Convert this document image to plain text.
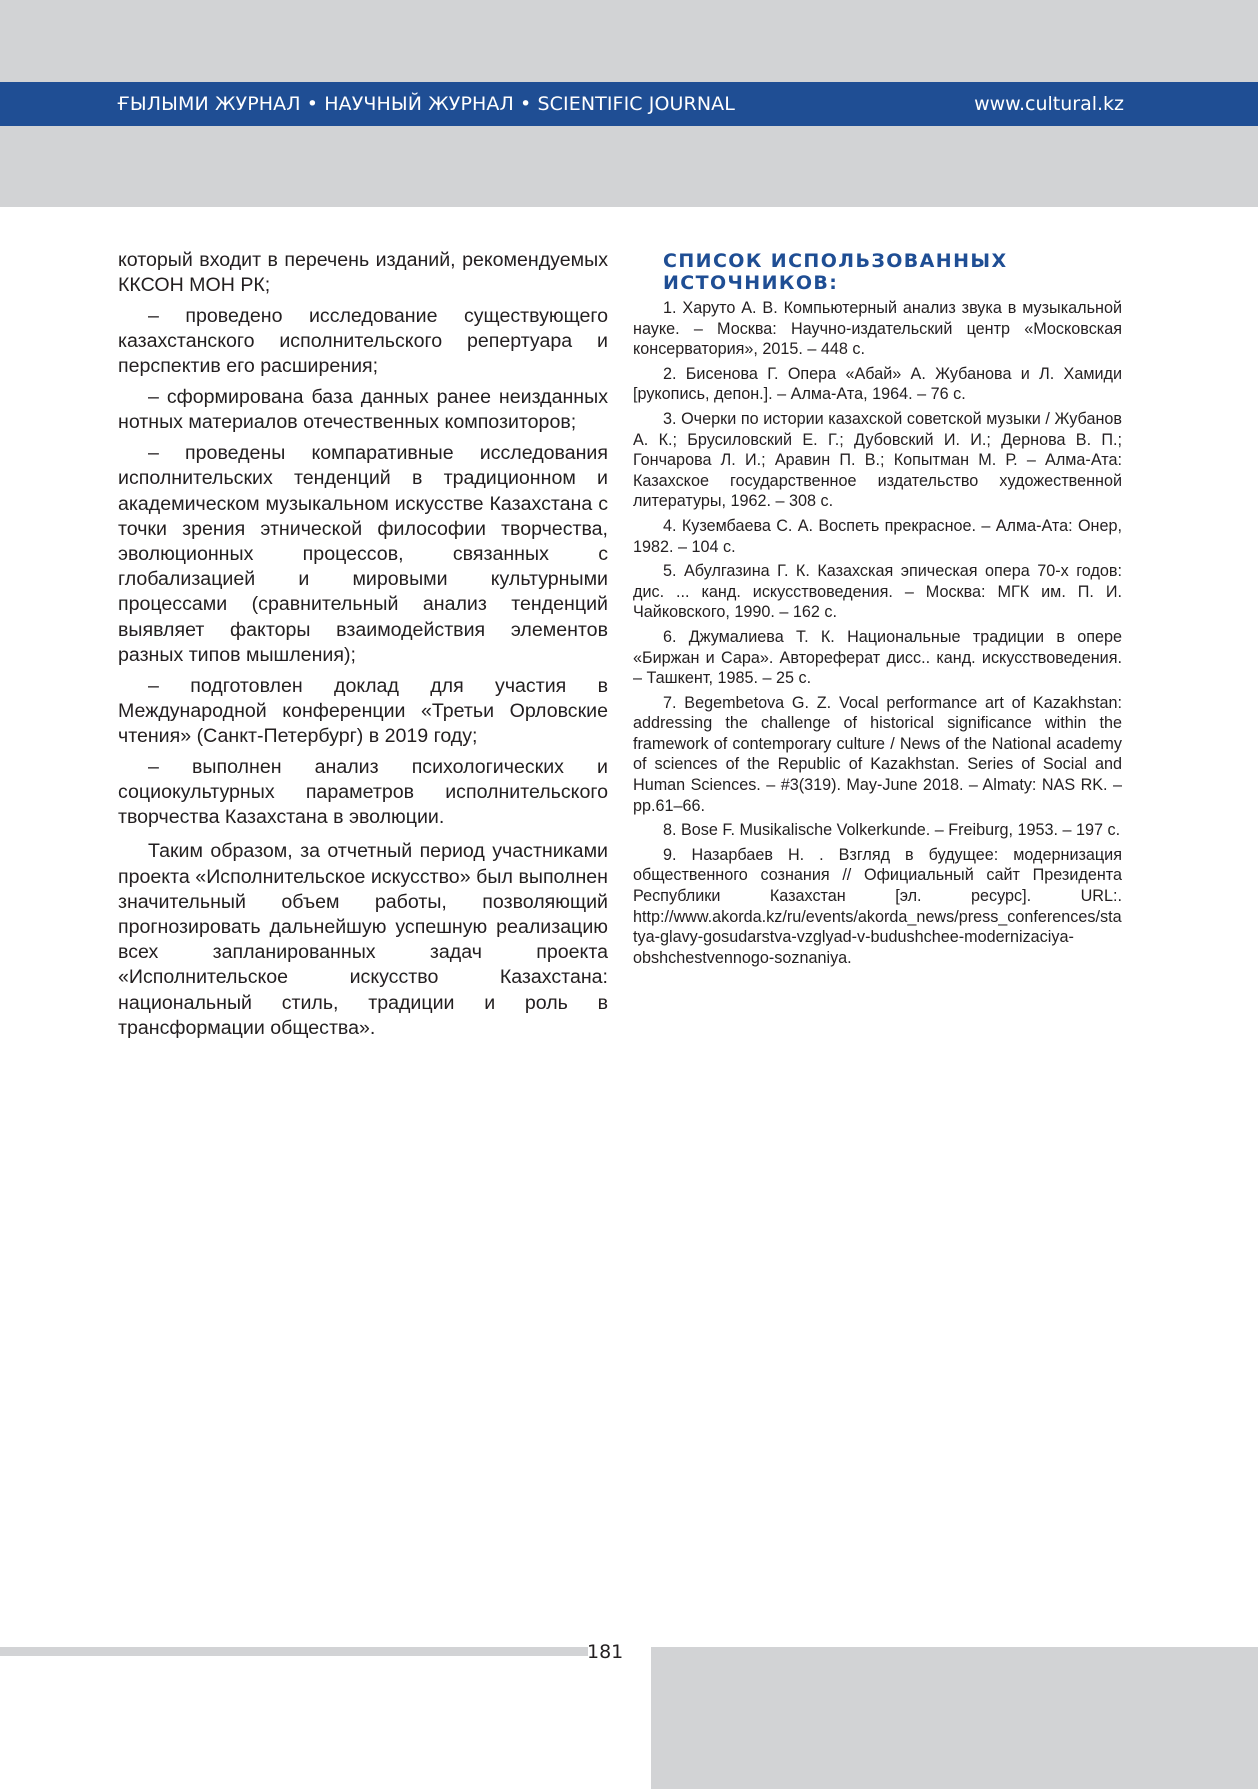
ҒЫЛЫМИ ЖУРНАЛ • НАУЧНЫЙ ЖУРНАЛ • SCIENTIFIC JOURNAL	www.cultural.kz

который входит в перечень изданий, рекомендуемых ККСОН МОН РК;

– проведено исследование существующего казахстанского исполнительского репертуара и перспектив его расширения;

– сформирована база данных ранее неизданных нотных материалов отечественных композиторов;

– проведены компаративные исследования исполнительских тенденций в традиционном и академическом музыкальном искусстве Казахстана с точки зрения этнической философии творчества, эволюционных процессов, связанных с глобализацией и мировыми культурными процессами (сравнительный анализ тенденций выявляет факторы взаимодействия элементов разных типов мышления);

– подготовлен доклад для участия в Международной конференции «Третьи Орловские чтения» (Санкт-Петербург) в 2019 году;

– выполнен анализ психологических и социокультурных параметров исполнительского творчества Казахстана в эволюции.

Таким образом, за отчетный период участниками проекта «Исполнительское искусство» был выполнен значительный объем работы, позволяющий прогнозировать дальнейшую успешную реализацию всех запланированных задач проекта «Исполнительское искусство Казахстана: национальный стиль, традиции и роль в трансформации общества».

СПИСОК ИСПОЛЬЗОВАННЫХ ИСТОЧНИКОВ:
1. Харуто А. В. Компьютерный анализ звука в музыкальной науке. – Москва: Научно-издательский центр «Московская консерватория», 2015. – 448 с.
2. Бисенова Г. Опера «Абай» А. Жубанова и Л. Хамиди [рукопись, депон.]. – Алма-Ата, 1964. – 76 с.
3. Очерки по истории казахской советской музыки / Жубанов А. К.; Брусиловский Е. Г.; Дубовский И. И.; Дернова В. П.; Гончарова Л. И.; Аравин П. В.; Копытман М. Р. – Алма-Ата: Казахское государственное издательство художественной литературы, 1962. – 308 с.
4. Кузембаева С. А. Воспеть прекрасное. – Алма-Ата: Онер, 1982. – 104 с.
5. Абулгазина Г. К. Казахская эпическая опера 70-х годов: дис. ... канд. искусствоведения. – Москва: МГК им. П. И. Чайковского, 1990. – 162 с.
6. Джумалиева Т. К. Национальные традиции в опере «Биржан и Сара». Автореферат дисс.. канд. искусствоведения. – Ташкент, 1985. – 25 с.
7. Begembetova G. Z. Vocal performance art of Kazakhstan: addressing the challenge of historical significance within the framework of contemporary culture / News of the National academy of sciences of the Republic of Kazakhstan. Series of Social and Human Sciences. – #3(319). May-June 2018. – Almaty: NAS RK. – pp.61–66.
8. Bose F. Musikalische Volkerkunde. – Freiburg, 1953. – 197 c.
9. Назарбаев Н. . Взгляд в будущее: модернизация общественного сознания // Официальный сайт Президента Республики Казахстан [эл. ресурс]. URL:. http://www.akorda.kz/ru/events/akorda_news/press_conferences/statya-glavy-gosudarstva-vzglyad-v-budushchee-modernizaciya-obshchestvennogo-soznaniya.
181
